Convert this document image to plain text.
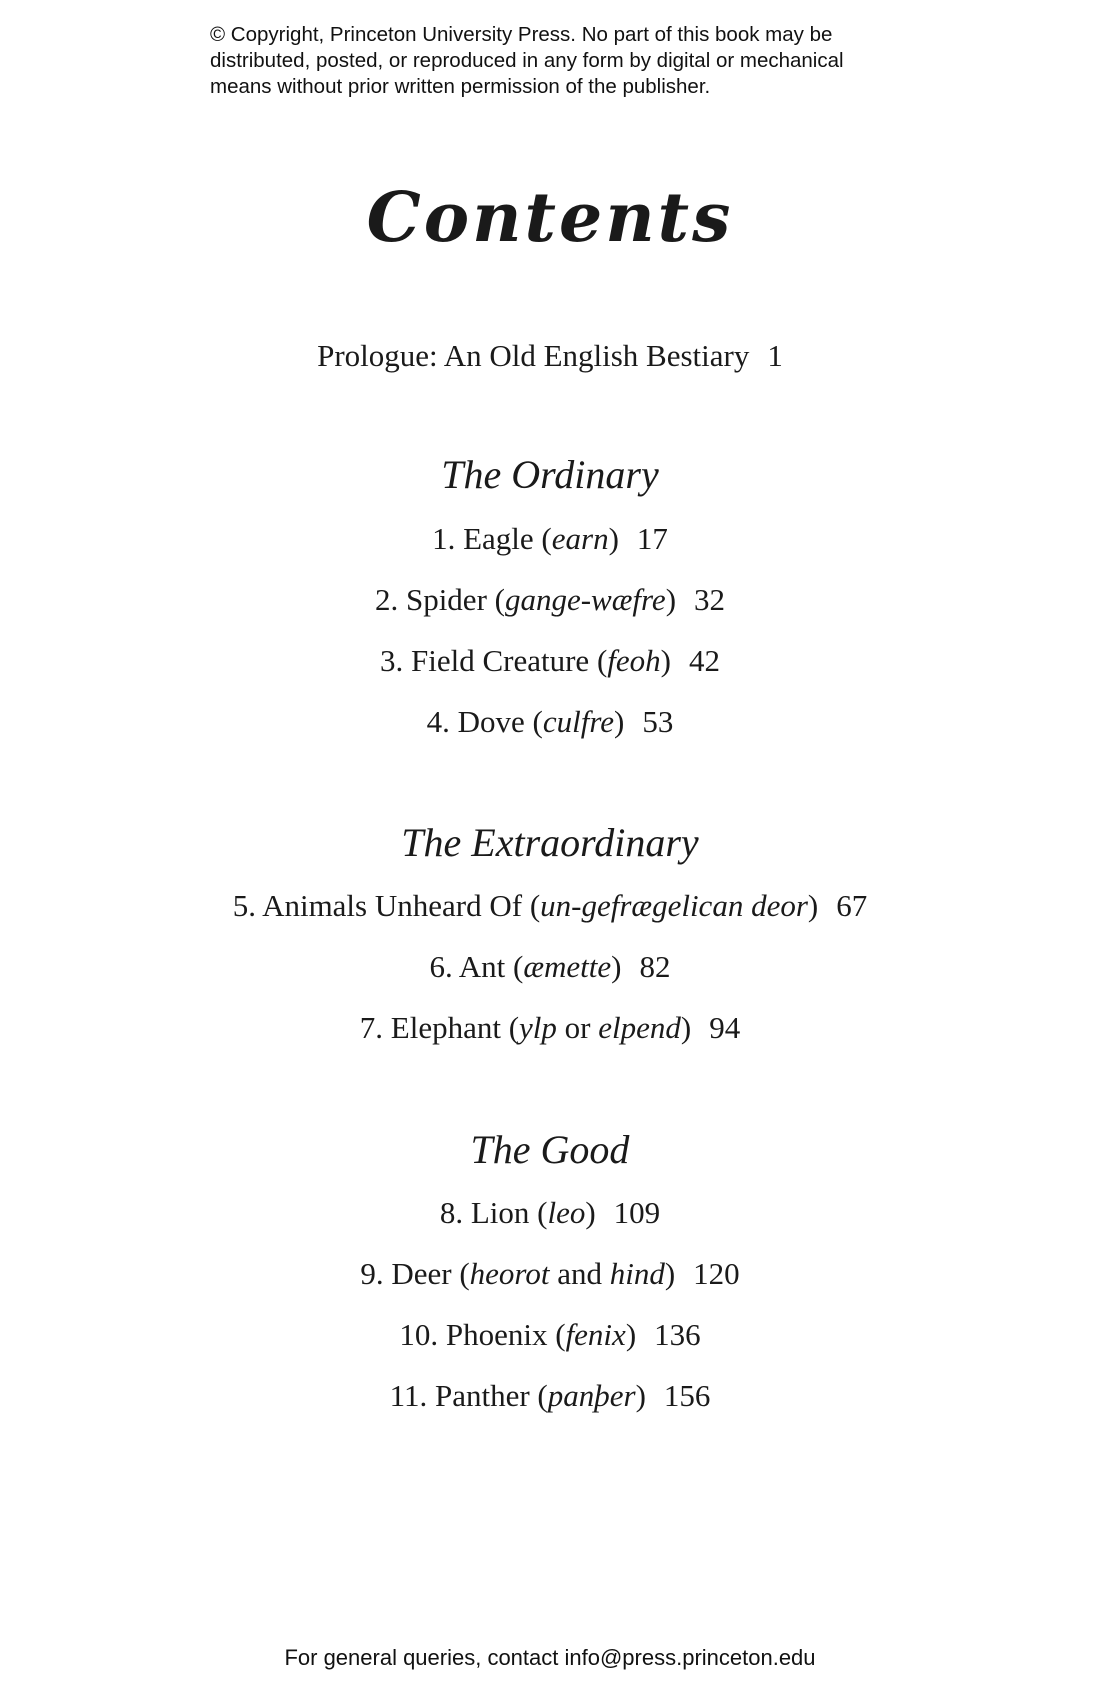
© Copyright, Princeton University Press. No part of this book may be
distributed, posted, or reproduced in any form by digital or mechanical
means without prior written permission of the publisher.
Contents
Prologue: An Old English Bestiary 1
The Ordinary
1. Eagle (earn) 17
2. Spider (gange-wæfre) 32
3. Field Creature (feoh) 42
4. Dove (culfre) 53
The Extraordinary
5. Animals Unheard Of (un-gefrægelican deor) 67
6. Ant (æmette) 82
7. Elephant (ylp or elpend) 94
The Good
8. Lion (leo) 109
9. Deer (heorot and hind) 120
10. Phoenix (fenix) 136
11. Panther (panþer) 156
For general queries, contact info@press.princeton.edu
